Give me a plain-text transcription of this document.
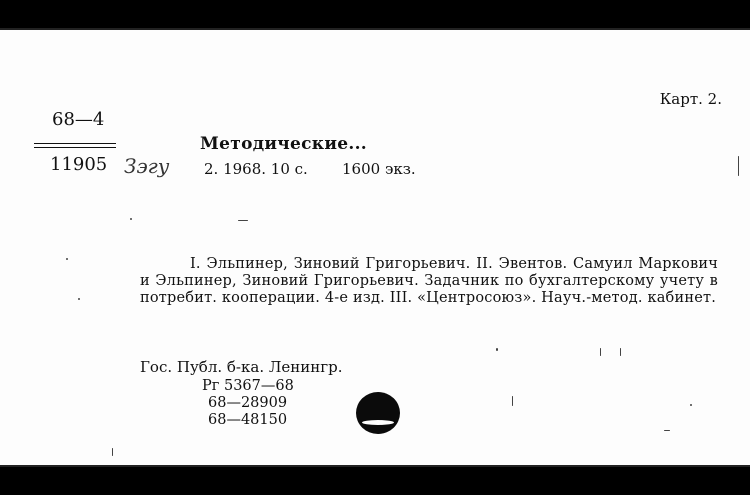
Карт. 2.
68—4
11905
Методические...
Зэгу 2. 1968. 10 с. 1600 экз.
I. Эльпинер, Зиновий Григорьевич. II. Эвентов. Самуил Маркович и Эльпинер, Зиновий Григорьевич. Задачник по бухгалтерскому учету в потребит. кооперации. 4-е изд. III. «Центросоюз». Науч.-метод. кабинет.
Гос. Публ. б-ка. Ленингр.
Рг 5367—68
68—28909
68—48150
